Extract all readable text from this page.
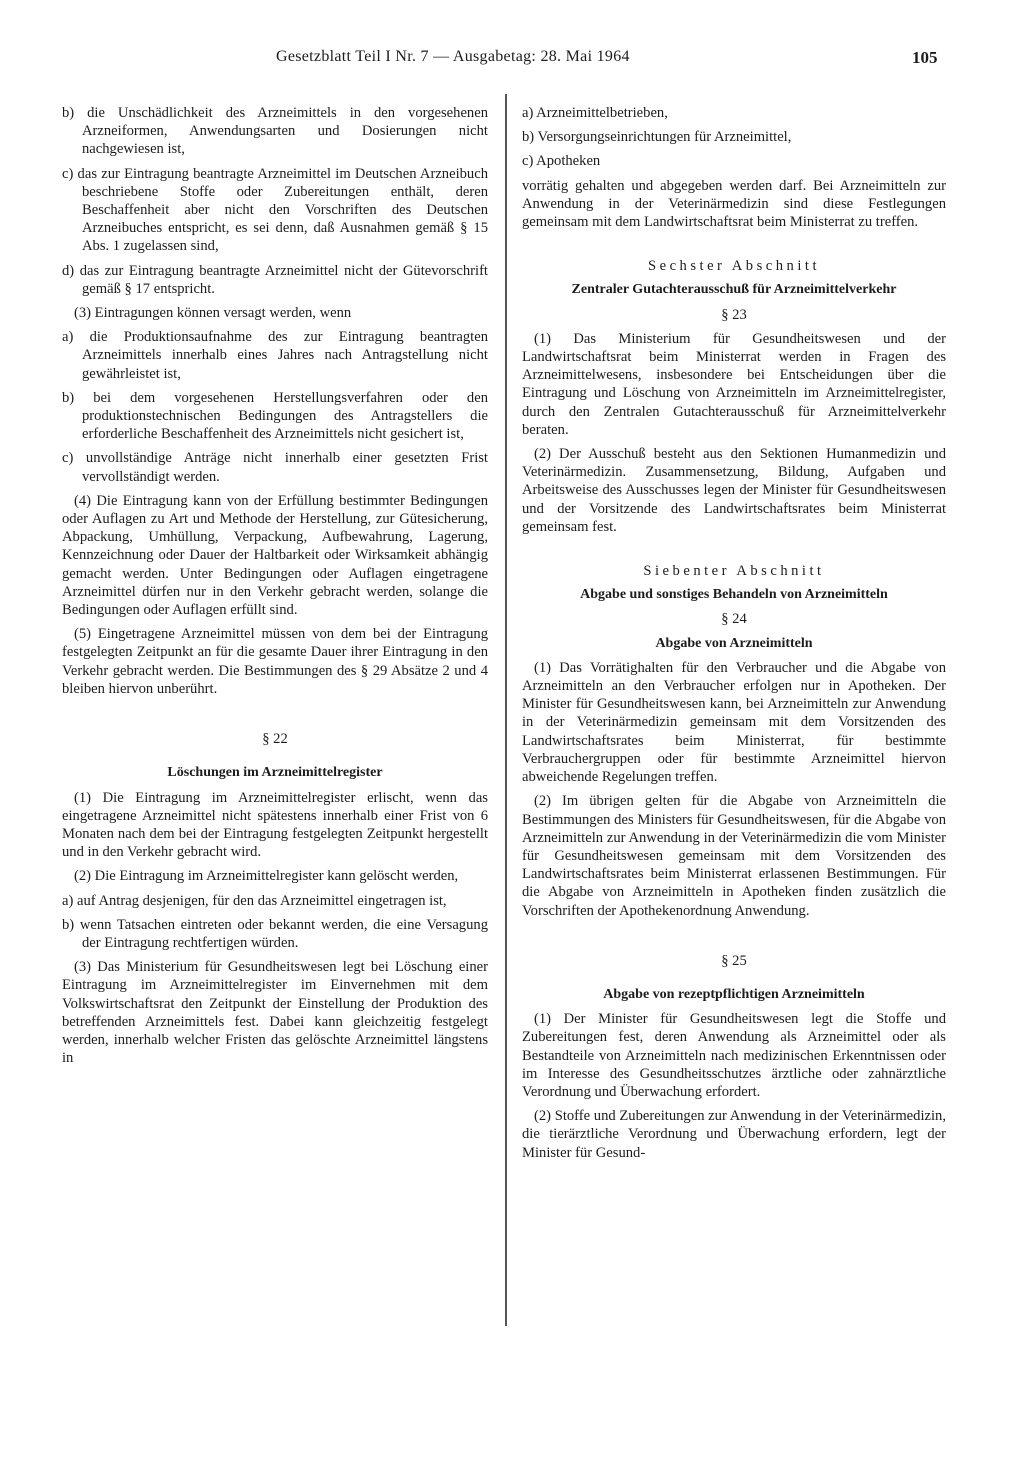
Gesetzblatt Teil I Nr. 7 — Ausgabetag: 28. Mai 1964	105

b) die Unschädlichkeit des Arzneimittels in den vorgesehenen Arzneiformen, Anwendungsarten und Dosierungen nicht nachgewiesen ist,

c) das zur Eintragung beantragte Arzneimittel im Deutschen Arzneibuch beschriebene Stoffe oder Zubereitungen enthält, deren Beschaffenheit aber nicht den Vorschriften des Deutschen Arzneibuches entspricht, es sei denn, daß Ausnahmen gemäß § 15 Abs. 1 zugelassen sind,

d) das zur Eintragung beantragte Arzneimittel nicht der Gütevorschrift gemäß § 17 entspricht.

(3) Eintragungen können versagt werden, wenn

a) die Produktionsaufnahme des zur Eintragung beantragten Arzneimittels innerhalb eines Jahres nach Antragstellung nicht gewährleistet ist,

b) bei dem vorgesehenen Herstellungsverfahren oder den produktionstechnischen Bedingungen des Antragstellers die erforderliche Beschaffenheit des Arzneimittels nicht gesichert ist,

c) unvollständige Anträge nicht innerhalb einer gesetzten Frist vervollständigt werden.

(4) Die Eintragung kann von der Erfüllung bestimmter Bedingungen oder Auflagen zu Art und Methode der Herstellung, zur Gütesicherung, Abpackung, Umhüllung, Verpackung, Aufbewahrung, Lagerung, Kennzeichnung oder Dauer der Haltbarkeit oder Wirksamkeit abhängig gemacht werden. Unter Bedingungen oder Auflagen eingetragene Arzneimittel dürfen nur in den Verkehr gebracht werden, solange die Bedingungen oder Auflagen erfüllt sind.

(5) Eingetragene Arzneimittel müssen von dem bei der Eintragung festgelegten Zeitpunkt an für die gesamte Dauer ihrer Eintragung in den Verkehr gebracht werden. Die Bestimmungen des § 29 Absätze 2 und 4 bleiben hiervon unberührt.

§ 22

Löschungen im Arzneimittelregister

(1) Die Eintragung im Arzneimittelregister erlischt, wenn das eingetragene Arzneimittel nicht spätestens innerhalb einer Frist von 6 Monaten nach dem bei der Eintragung festgelegten Zeitpunkt hergestellt und in den Verkehr gebracht wird.

(2) Die Eintragung im Arzneimittelregister kann gelöscht werden,

a) auf Antrag desjenigen, für den das Arzneimittel eingetragen ist,

b) wenn Tatsachen eintreten oder bekannt werden, die eine Versagung der Eintragung rechtfertigen würden.

(3) Das Ministerium für Gesundheitswesen legt bei Löschung einer Eintragung im Arzneimittelregister im Einvernehmen mit dem Volkswirtschaftsrat den Zeitpunkt der Einstellung der Produktion des betreffenden Arzneimittels fest. Dabei kann gleichzeitig festgelegt werden, innerhalb welcher Fristen das gelöschte Arzneimittel längstens in

a) Arzneimittelbetrieben,

b) Versorgungseinrichtungen für Arzneimittel,

c) Apotheken

vorrätig gehalten und abgegeben werden darf. Bei Arzneimitteln zur Anwendung in der Veterinärmedizin sind diese Festlegungen gemeinsam mit dem Landwirtschaftsrat beim Ministerrat zu treffen.

Sechster Abschnitt

Zentraler Gutachterausschuß für Arzneimittelverkehr

§ 23

(1) Das Ministerium für Gesundheitswesen und der Landwirtschaftsrat beim Ministerrat werden in Fragen des Arzneimittelwesens, insbesondere bei Entscheidungen über die Eintragung und Löschung von Arzneimitteln im Arzneimittelregister, durch den Zentralen Gutachterausschuß für Arzneimittelverkehr beraten.

(2) Der Ausschuß besteht aus den Sektionen Humanmedizin und Veterinärmedizin. Zusammensetzung, Bildung, Aufgaben und Arbeitsweise des Ausschusses legen der Minister für Gesundheitswesen und der Vorsitzende des Landwirtschaftsrates beim Ministerrat gemeinsam fest.

Siebenter Abschnitt

Abgabe und sonstiges Behandeln von Arzneimitteln

§ 24

Abgabe von Arzneimitteln

(1) Das Vorrätighalten für den Verbraucher und die Abgabe von Arzneimitteln an den Verbraucher erfolgen nur in Apotheken. Der Minister für Gesundheitswesen kann, bei Arzneimitteln zur Anwendung in der Veterinärmedizin gemeinsam mit dem Vorsitzenden des Landwirtschaftsrates beim Ministerrat, für bestimmte Verbrauchergruppen oder für bestimmte Arzneimittel hiervon abweichende Regelungen treffen.

(2) Im übrigen gelten für die Abgabe von Arzneimitteln die Bestimmungen des Ministers für Gesundheitswesen, für die Abgabe von Arzneimitteln zur Anwendung in der Veterinärmedizin die vom Minister für Gesundheitswesen gemeinsam mit dem Vorsitzenden des Landwirtschaftsrates beim Ministerrat erlassenen Bestimmungen. Für die Abgabe von Arzneimitteln in Apotheken finden zusätzlich die Vorschriften der Apothekenordnung Anwendung.

§ 25

Abgabe von rezeptpflichtigen Arzneimitteln

(1) Der Minister für Gesundheitswesen legt die Stoffe und Zubereitungen fest, deren Anwendung als Arzneimittel oder als Bestandteile von Arzneimitteln nach medizinischen Erkenntnissen oder im Interesse des Gesundheitsschutzes ärztliche oder zahnärztliche Verordnung und Überwachung erfordert.

(2) Stoffe und Zubereitungen zur Anwendung in der Veterinärmedizin, die tierärztliche Verordnung und Überwachung erfordern, legt der Minister für Gesund-
